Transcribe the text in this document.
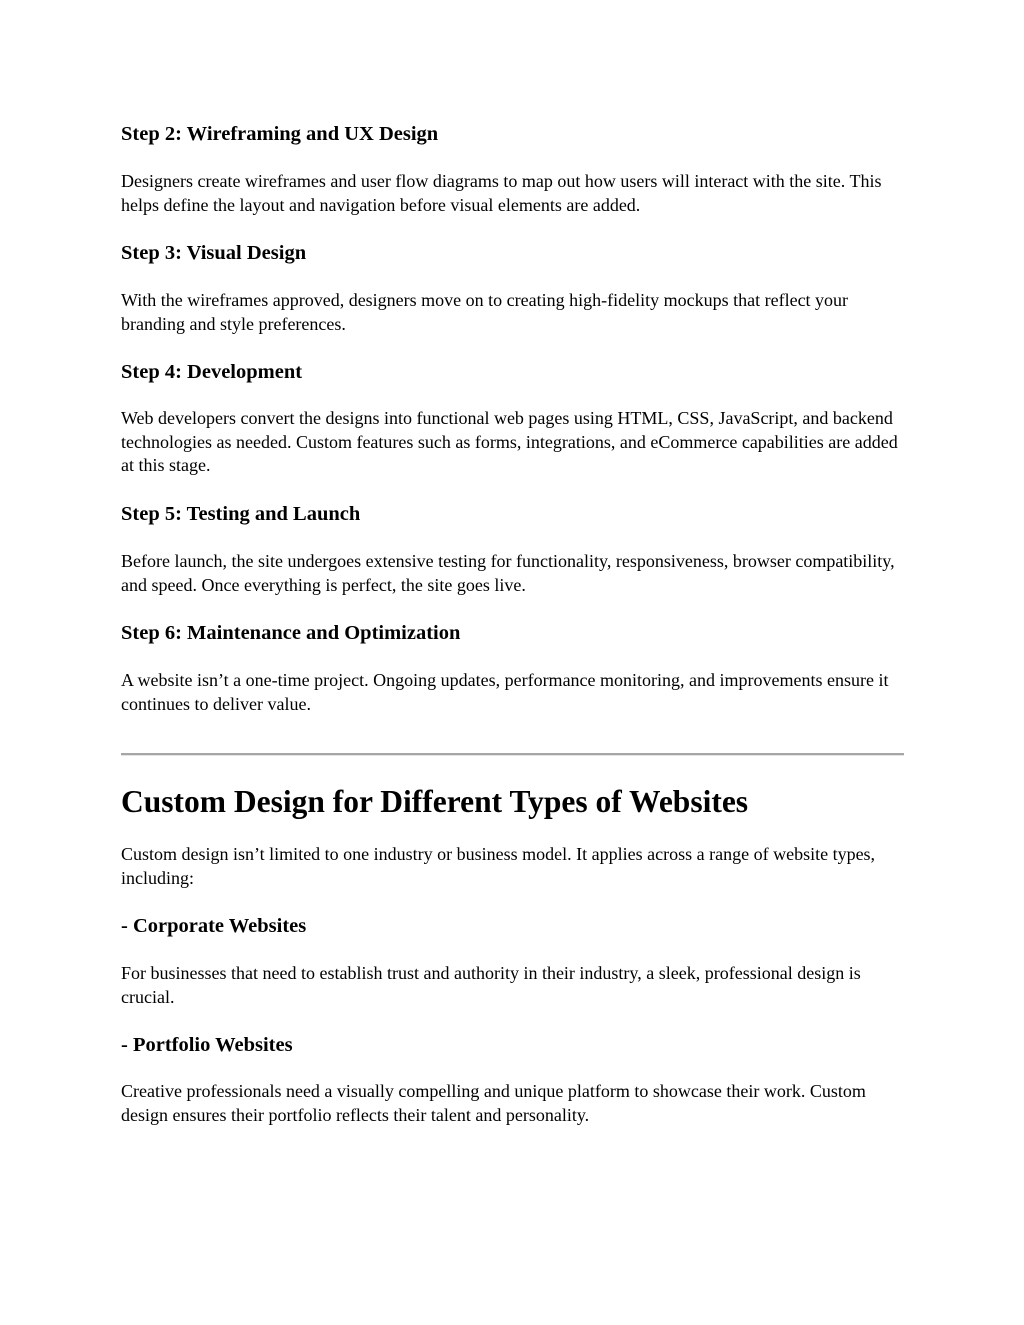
Step 2: Wireframing and UX Design

Designers create wireframes and user flow diagrams to map out how users will interact with the site. This helps define the layout and navigation before visual elements are added.

Step 3: Visual Design

With the wireframes approved, designers move on to creating high-fidelity mockups that reflect your branding and style preferences.

Step 4: Development

Web developers convert the designs into functional web pages using HTML, CSS, JavaScript, and backend technologies as needed. Custom features such as forms, integrations, and eCommerce capabilities are added at this stage.

Step 5: Testing and Launch

Before launch, the site undergoes extensive testing for functionality, responsiveness, browser compatibility, and speed. Once everything is perfect, the site goes live.

Step 6: Maintenance and Optimization

A website isn’t a one-time project. Ongoing updates, performance monitoring, and improvements ensure it continues to deliver value.

Custom Design for Different Types of Websites

Custom design isn’t limited to one industry or business model. It applies across a range of website types, including:

- Corporate Websites

For businesses that need to establish trust and authority in their industry, a sleek, professional design is crucial.

- Portfolio Websites

Creative professionals need a visually compelling and unique platform to showcase their work. Custom design ensures their portfolio reflects their talent and personality.
